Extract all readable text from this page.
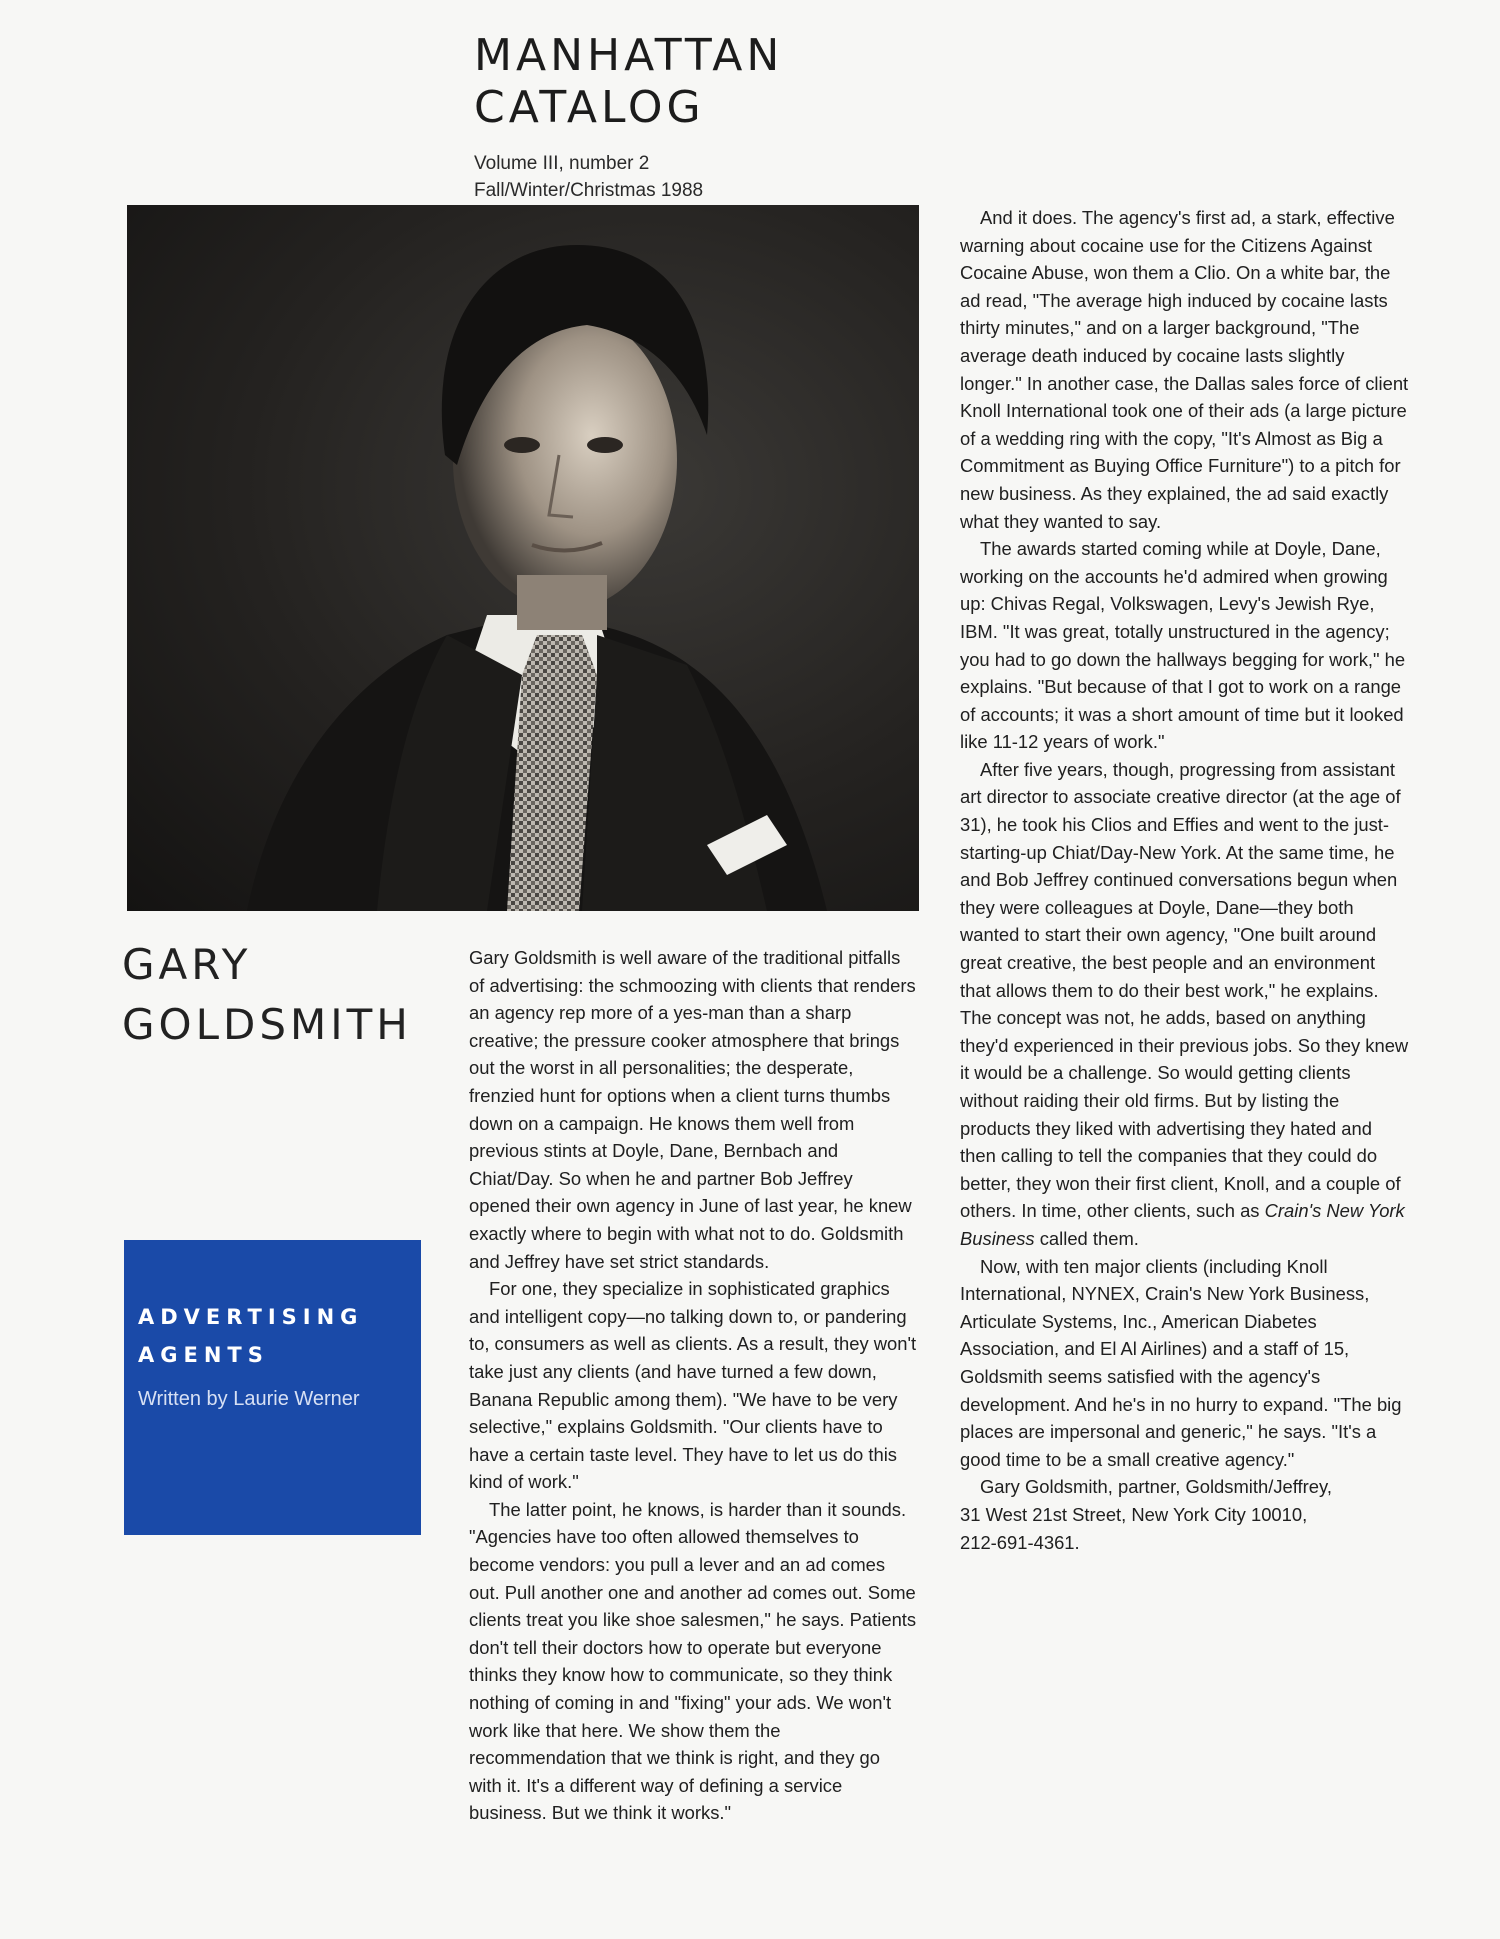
MANHATTAN
CATALOG
Volume III, number 2
Fall/Winter/Christmas 1988
GARY
GOLDSMITH
ADVERTISING
AGENTS
Written by Laurie Werner

Gary Goldsmith is well aware of the traditional pitfalls of advertising: the schmoozing with clients that renders an agency rep more of a yes-man than a sharp creative; the pressure cooker atmosphere that brings out the worst in all personalities; the desperate, frenzied hunt for options when a client turns thumbs down on a campaign. He knows them well from previous stints at Doyle, Dane, Bernbach and Chiat/Day. So when he and partner Bob Jeffrey opened their own agency in June of last year, he knew exactly where to begin with what not to do. Goldsmith and Jeffrey have set strict standards.

For one, they specialize in sophisticated graphics and intelligent copy—no talking down to, or pandering to, consumers as well as clients. As a result, they won't take just any clients (and have turned a few down, Banana Republic among them). "We have to be very selective," explains Goldsmith. "Our clients have to have a certain taste level. They have to let us do this kind of work."

The latter point, he knows, is harder than it sounds. "Agencies have too often allowed themselves to become vendors: you pull a lever and an ad comes out. Pull another one and another ad comes out. Some clients treat you like shoe salesmen," he says. Patients don't tell their doctors how to operate but everyone thinks they know how to communicate, so they think nothing of coming in and "fixing" your ads. We won't work like that here. We show them the recommendation that we think is right, and they go with it. It's a different way of defining a service business. But we think it works."

And it does. The agency's first ad, a stark, effective warning about cocaine use for the Citizens Against Cocaine Abuse, won them a Clio. On a white bar, the ad read, "The average high induced by cocaine lasts thirty minutes," and on a larger background, "The average death induced by cocaine lasts slightly longer." In another case, the Dallas sales force of client Knoll International took one of their ads (a large picture of a wedding ring with the copy, "It's Almost as Big a Commitment as Buying Office Furniture") to a pitch for new business. As they explained, the ad said exactly what they wanted to say.

The awards started coming while at Doyle, Dane, working on the accounts he'd admired when growing up: Chivas Regal, Volkswagen, Levy's Jewish Rye, IBM. "It was great, totally unstructured in the agency; you had to go down the hallways begging for work," he explains. "But because of that I got to work on a range of accounts; it was a short amount of time but it looked like 11-12 years of work."

After five years, though, progressing from assistant art director to associate creative director (at the age of 31), he took his Clios and Effies and went to the just-starting-up Chiat/Day-New York. At the same time, he and Bob Jeffrey continued conversations begun when they were colleagues at Doyle, Dane—they both wanted to start their own agency, "One built around great creative, the best people and an environment that allows them to do their best work," he explains. The concept was not, he adds, based on anything they'd experienced in their previous jobs. So they knew it would be a challenge. So would getting clients without raiding their old firms. But by listing the products they liked with advertising they hated and then calling to tell the companies that they could do better, they won their first client, Knoll, and a couple of others. In time, other clients, such as Crain's New York Business called them.

Now, with ten major clients (including Knoll International, NYNEX, Crain's New York Business, Articulate Systems, Inc., American Diabetes Association, and El Al Airlines) and a staff of 15, Goldsmith seems satisfied with the agency's development. And he's in no hurry to expand. "The big places are impersonal and generic," he says. "It's a good time to be a small creative agency."

Gary Goldsmith, partner, Goldsmith/Jeffrey,
31 West 21st Street, New York City 10010,
212-691-4361.
